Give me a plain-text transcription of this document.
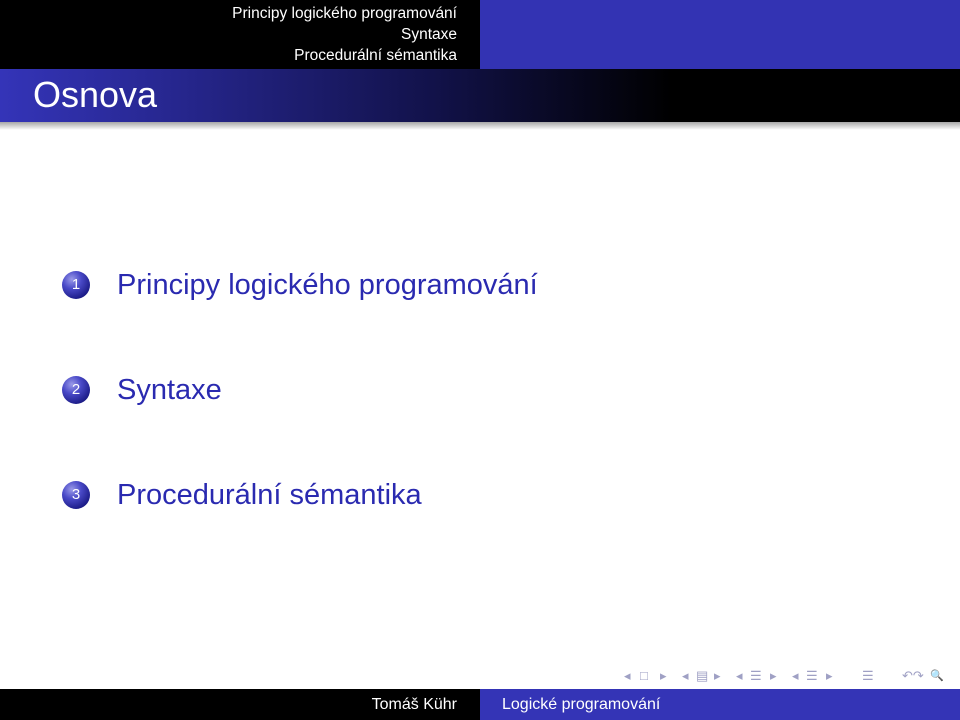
Principy logického programování
Syntaxe
Procedurální sémantika
Osnova
1	Principy logického programování
2	Syntaxe
3	Procedurální sémantika
◂ □ ▸ ◂ ▤ ▸ ◂ ☰ ▸ ◂ ☰ ▸ ☰ ↶↷ 🔍
Tomáš Kühr	Logické programování
